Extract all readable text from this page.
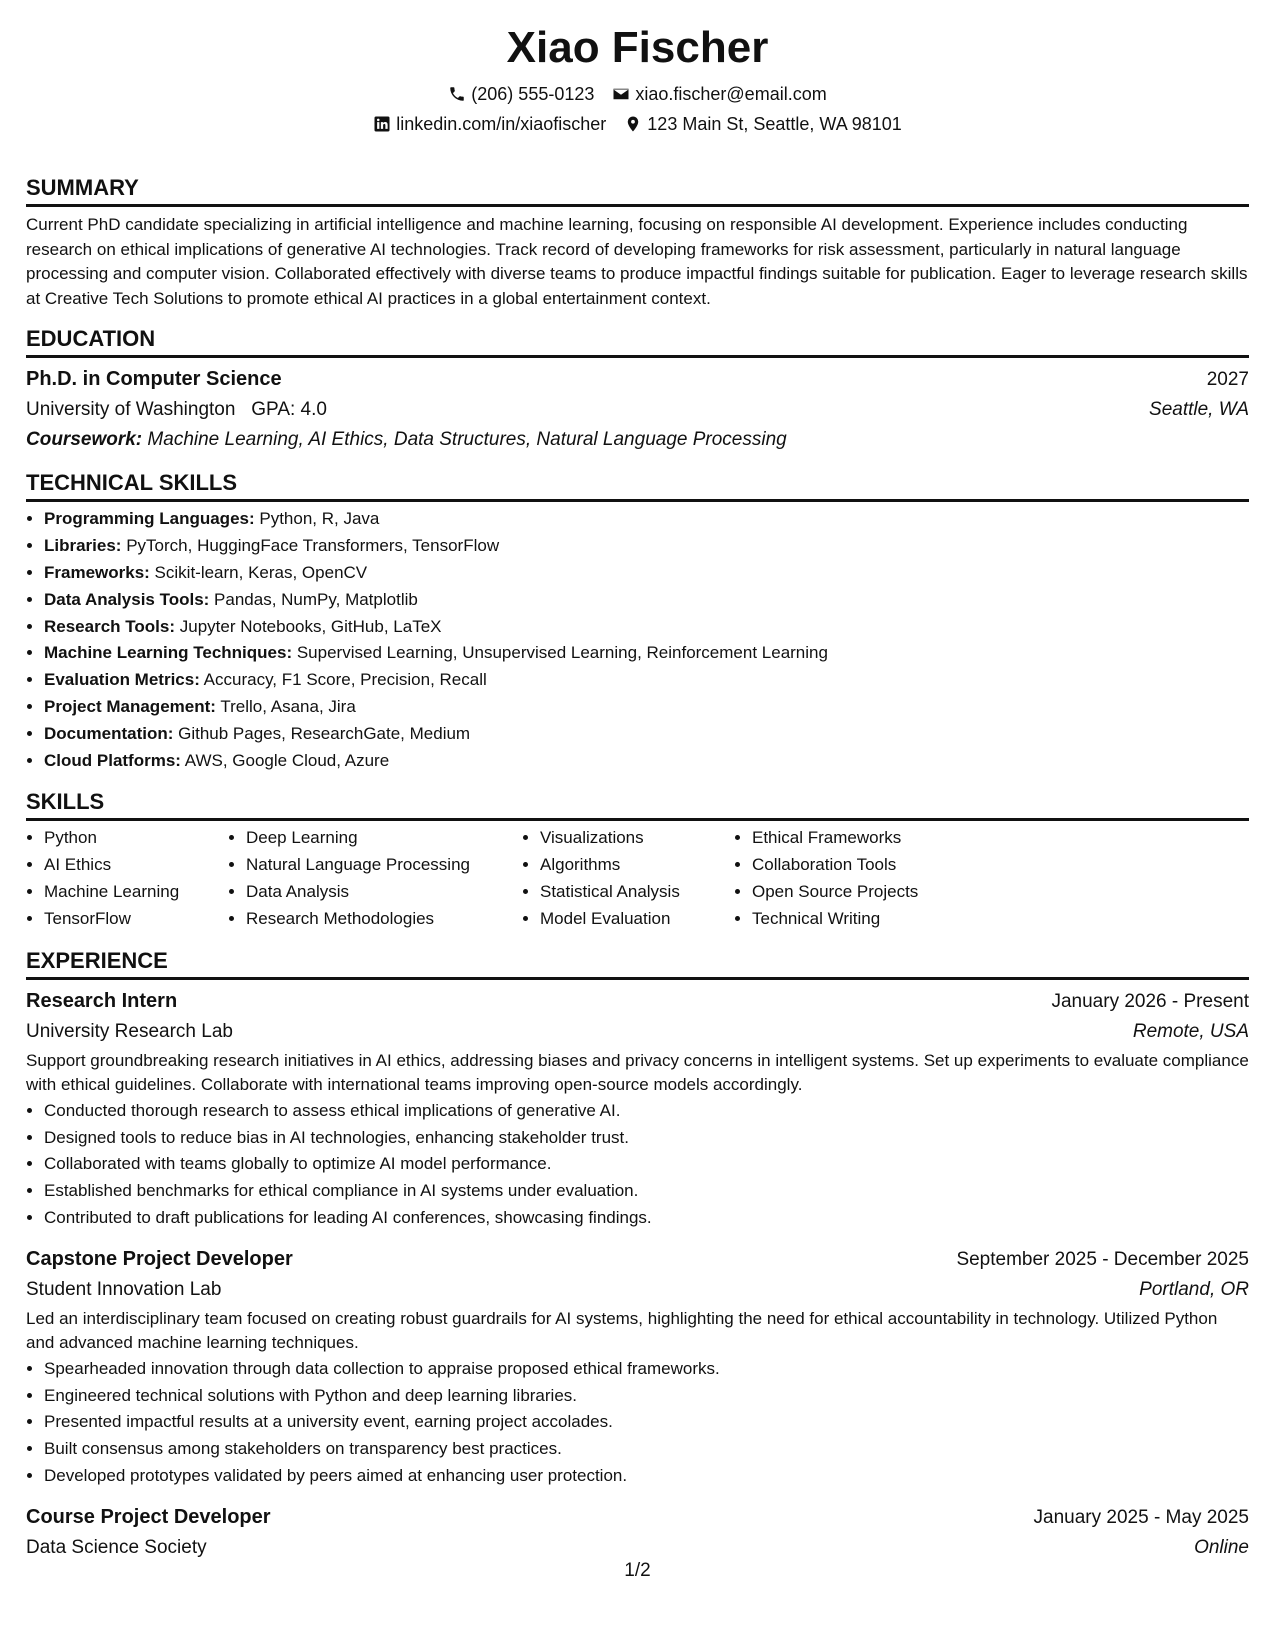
Xiao Fischer
(206) 555-0123 xiao.fischer@email.com
linkedin.com/in/xiaofischer 123 Main St, Seattle, WA 98101
SUMMARY

Current PhD candidate specializing in artificial intelligence and machine learning, focusing on responsible AI development. Experience includes conducting research on ethical implications of generative AI technologies. Track record of developing frameworks for risk assessment, particularly in natural language processing and computer vision. Collaborated effectively with diverse teams to produce impactful findings suitable for publication. Eager to leverage research skills at Creative Tech Solutions to promote ethical AI practices in a global entertainment context.

EDUCATION
Ph.D. in Computer Science	2027
University of Washington GPA: 4.0	Seattle, WA
Coursework: Machine Learning, AI Ethics, Data Structures, Natural Language Processing
TECHNICAL SKILLS
• Programming Languages: Python, R, Java
• Libraries: PyTorch, HuggingFace Transformers, TensorFlow
• Frameworks: Scikit-learn, Keras, OpenCV
• Data Analysis Tools: Pandas, NumPy, Matplotlib
• Research Tools: Jupyter Notebooks, GitHub, LaTeX
• Machine Learning Techniques: Supervised Learning, Unsupervised Learning, Reinforcement Learning
• Evaluation Metrics: Accuracy, F1 Score, Precision, Recall
• Project Management: Trello, Asana, Jira
• Documentation: Github Pages, ResearchGate, Medium
• Cloud Platforms: AWS, Google Cloud, Azure
SKILLS
• Python
• AI Ethics
• Machine Learning
• TensorFlow
• Deep Learning
• Natural Language Processing
• Data Analysis
• Research Methodologies
• Visualizations
• Algorithms
• Statistical Analysis
• Model Evaluation
• Ethical Frameworks
• Collaboration Tools
• Open Source Projects
• Technical Writing
EXPERIENCE
Research Intern	January 2026 - Present
University Research Lab	Remote, USA

Support groundbreaking research initiatives in AI ethics, addressing biases and privacy concerns in intelligent systems. Set up experiments to evaluate compliance with ethical guidelines. Collaborate with international teams improving open-source models accordingly.

• Conducted thorough research to assess ethical implications of generative AI.
• Designed tools to reduce bias in AI technologies, enhancing stakeholder trust.
• Collaborated with teams globally to optimize AI model performance.
• Established benchmarks for ethical compliance in AI systems under evaluation.
• Contributed to draft publications for leading AI conferences, showcasing findings.
Capstone Project Developer	September 2025 - December 2025
Student Innovation Lab	Portland, OR

Led an interdisciplinary team focused on creating robust guardrails for AI systems, highlighting the need for ethical accountability in technology. Utilized Python and advanced machine learning techniques.

• Spearheaded innovation through data collection to appraise proposed ethical frameworks.
• Engineered technical solutions with Python and deep learning libraries.
• Presented impactful results at a university event, earning project accolades.
• Built consensus among stakeholders on transparency best practices.
• Developed prototypes validated by peers aimed at enhancing user protection.
Course Project Developer	January 2025 - May 2025
Data Science Society	Online
1/2
